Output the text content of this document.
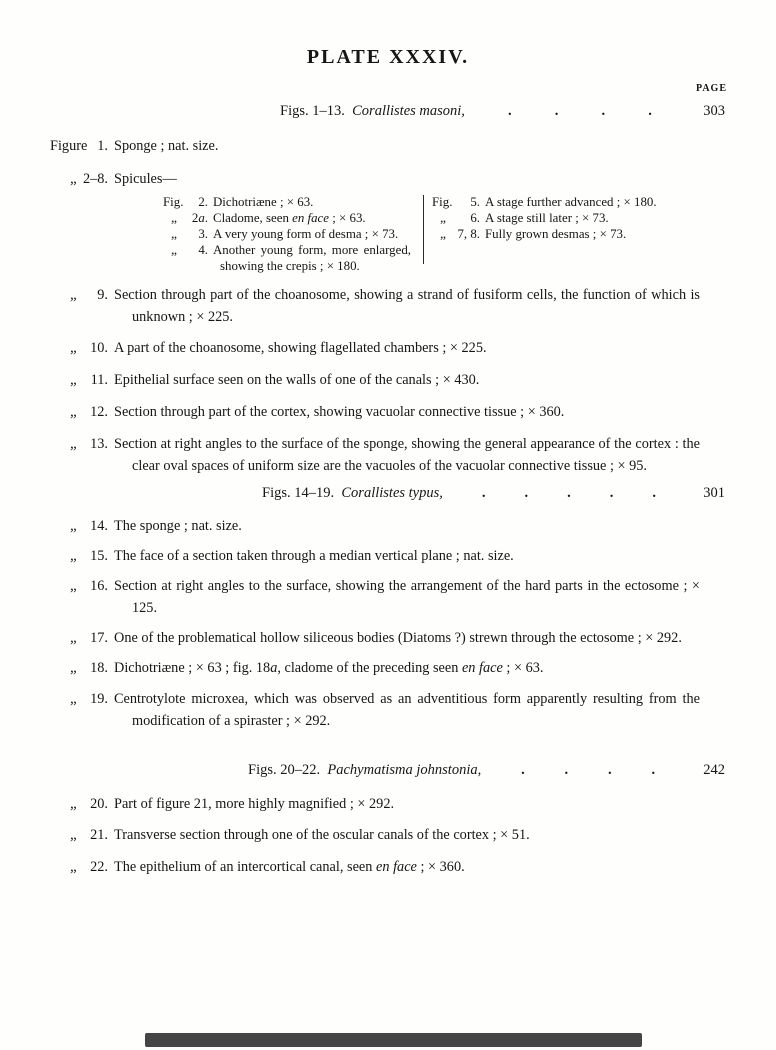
PLATE XXXIV.
PAGE
Figs. 1–13.  Corallistes masoni,	.	.	.	.	303
Figure 1. Sponge ; nat. size.
„ 2–8. Spicules—
Fig. 2. Dichotriæne ; × 63.
„ 2a. Cladome, seen en face ; × 63.
„ 3. A very young form of desma ; × 73.
„ 4. Another young form, more enlarged, showing the crepis ; × 180.
Fig. 5. A stage further advanced ; × 180.
„ 6. A stage still later ; × 73.
„ 7, 8. Fully grown desmas ; × 73.
„ 9. Section through part of the choanosome, showing a strand of fusiform cells, the function of which is unknown ; × 225.
„ 10. A part of the choanosome, showing flagellated chambers ; × 225.
„ 11. Epithelial surface seen on the walls of one of the canals ; × 430.
„ 12. Section through part of the cortex, showing vacuolar connective tissue ; × 360.
„ 13. Section at right angles to the surface of the sponge, showing the general appearance of the cortex : the clear oval spaces of uniform size are the vacuoles of the vacuolar connective tissue ; × 95.
Figs. 14–19.  Corallistes typus,	.	.	.	.	.	301
„ 14. The sponge ; nat. size.
„ 15. The face of a section taken through a median vertical plane ; nat. size.
„ 16. Section at right angles to the surface, showing the arrangement of the hard parts in the ectosome ; × 125.
„ 17. One of the problematical hollow siliceous bodies (Diatoms ?) strewn through the ectosome ; × 292.
„ 18. Dichotriæne ; × 63 ; fig. 18a, cladome of the preceding seen en face ; × 63.
„ 19. Centrotylote microxea, which was observed as an adventitious form apparently resulting from the modification of a spiraster ; × 292.
Figs. 20–22.  Pachymatisma johnstonia,	.	.	.	.	242
„ 20. Part of figure 21, more highly magnified ; × 292.
„ 21. Transverse section through one of the oscular canals of the cortex ; × 51.
„ 22. The epithelium of an intercortical canal, seen en face ; × 360.
